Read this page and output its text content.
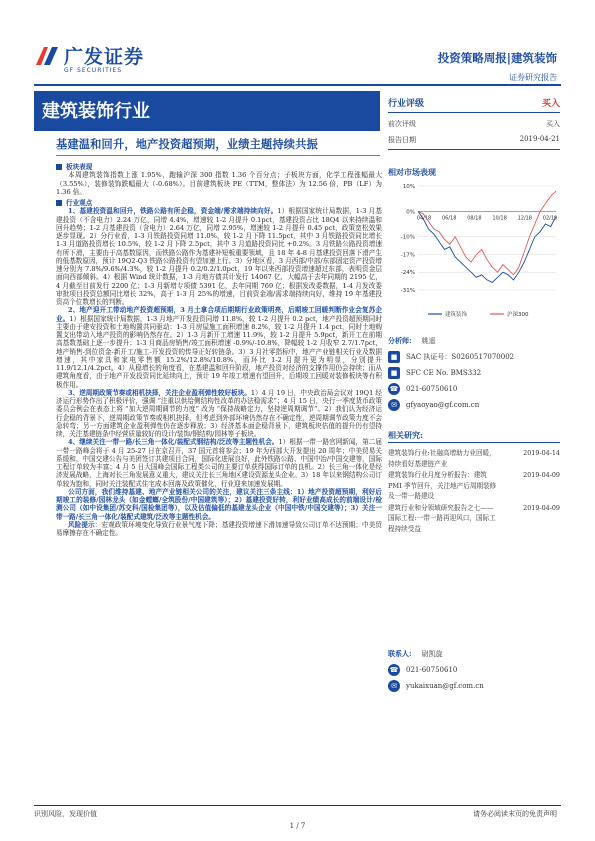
广发证券
GF SECURITIES
投资策略周报|建筑装饰
证券研究报告
建筑装饰行业
基建温和回升，地产投资超预期，业绩主题持续共振
板块表现

本周建筑装饰指数上涨 1.95%，跑输沪深 300 指数 1.36 个百分点；子板块方面，化学工程涨幅最大（3.55%），装修装饰跌幅最大（-0.68%）。目前建筑板块 PE（TTM，整体法）为 12.56 倍，PB（LF）为 1.36 倍。

行业观点

1、基建投资温和回升，铁路公路有所企稳，资金端/需求端持续向好。1）根据国家统计局数据，1-3 月基建投资（不含电力）2.24 万亿，同增 4.4%，增速较 1-2 月提升 0.1pct，基建投资占比 18Q4 以来持续温和回升趋势；1-2 月基建投资（含电力）2.64 万亿，同增 2.95%，增速较 1-2 月提升 0.45 pct，政策宽松效果逐步显现。2）分行业看，1-3 月铁路投资同增 11.0%，较 1-2 月下降 11.5pct，其中 3 月铁路投资同比增长 1-3 月道路投资增长 10.5%，较 1-2 月下降 2.5pct，其中 3 月道路投资同比 +0.2%。3 月铁路公路投资增速有所下滑，主要由于高基数原因，而铁路公路作为基建补短板重要领域，且 18 年 4-8 月基建投资回落下滑产生的低基数原因，预计 19Q2-Q3 铁路公路投资有望加速上行。3）分地区看，3 月西部/中部/东部固定资产投资增速分别为 7.8%/9.6%/4.3%，较 1-2 月提升 0.2/0.2/1.0pct，19 年以来西部投资增速超过东部，表明资金层面向西部倾斜。4）根据 Wind 统计数据，1-3 月地方债共计发行 14067 亿，大幅高于去年同期的 2195 亿，4 月截至目前发行 2200 亿；1-3 月新增专项债 5391 亿，去年同期 769 亿；根据发改委数据，1-4 月发改委审批项目投资总额同比增长 32%，高于 1-3 月 25%的增速，目前资金端/需求端持续向好，维持 19 年基建投资高个位数增长的判断。

2、地产迎开工带动地产投资超预期，3 月土拿合项后期期行业政策明亮，后期竣工回暖判断作业会复苏企业。1）根据国家统计局数据，1-3 月地产开发投资同增 11.8%，较 1-2 月提升 0.2 pct，地产投资超预期同时主要由于建安投资和土地购置共同驱动：1-3 月房屋施工面积增速 8.2%，较 1-2 月提升 1.4 pct，同时土地购置支出带动入地产投资的影响仍然存在。2）1-3 月新开工增速 11.9%，较 1-2 月提升 5.9pct，新开工在前期高基数基础上逐一步提升；1-3 月商品房销售/竣工面积增速 -0.9%/-10.8%，降幅较 1-2 月收窄 2.7/1.7pct，地产销售-到位资金-新开工/施工-开发投资的传导正好转链条。3）3 月社零指标中，地产产业链相关行业及数据增速，其中家具和家电零售额 15.2%/12.8%/10.8%，而环比 1-2 月提升更为明显，分别提升 11.9/12.1/4.2pct。4）从稳增长的角度看，在基建温和回升阶段，地产投资对经济的支撑作用仍会持续；而从建筑角度看，由于地产开发投资同比延续向上，预计 19 年竣工增速有望回升，后期竣工回暖对装修板块等有积极作用。

3、逆周期政策节奏或相机抉择，关注企业盈利弹性较好板块。1）4 月 19 日，中央政治局会议对 19Q1 经济运行形势作出了积极评价，强调 “注重以供给侧结构性改革的办法稳需求”；4 月 15 日，央行一季度货币政策委员会例会在表态上将 “加大逆周期调节的力度” 改为 “保持战略定力，坚持逆周期调节”。2）我们认为经济运行企稳的背景下，逆周期政策节奏或相机抉择，但考虑到外部环境仍然存在不确定性，逆周期调节政策力度不会急转弯；另一方面建筑企业盈利弹性仍在逐步释放；3）经济基本面企稳背景下，建筑板块估值的提升仍有望持续，关注基建链条中经营质量较好的设计/装饰/钢结构/园林等子板块。

4、继续关注一带一路/长三角一体化/装配式钢结构/泛改等主题性机会。1）根据一带一路官网新闻，第二届一带一路峰会将于 4 月 25-27 日在京召开，37 国元首将参会；19 年为西部大开发提出 20 周年；中美贸易关系缓和，中国交建公告与美团签订共建项目合同，国际化进展良好，此外铁路公路、中国中冶/中国交建等，国际工程订单较为丰富；4 月 5 日大国峰会国际工程类公司的主要订单获得国际订单的良机。2）长三角一体化是经济发展战略，上海对长三角发展意义重大，建议关注长三角地区建设资源龙头企业。3）18 年以来钢结构公司订单较为饱和，同时关注装配式住宅成本回落及政策催化，行业迎来加速发展期。

公司方面，我们维持基建、地产产业链相关公司的关注，建议关注三条主线：1）地产投资超预期，利好后期竣工的装修/园林龙头（如金螳螂/全筑股份/中国建筑等）；2）基建投资好转，利好业绩高成长的前端设计/检测公司（如中设集团/苏交科/国检集团等），以及估值偏低的基建龙头企业（中国中铁/中国交建等）；3）关注一带一路/长三角一体化/装配式建筑/泛改等主题性机会。

风险提示：宏观政策环境变化导致行业景气度下降；基建投资增速下滑加速导致公司订单不达预期；中美贸易摩擦存在不确定性。

行业评级	买入
前次评级	买入
报告日期	2019-04-21
相对市场表现
10%
0%
-10%
-17%
-24%
-31%
04/18 06/18 08/18 10/18 12/18 02/19
建筑装饰	沪深300
分析师: 姚遥
■	SAC 执证号：S0260517070002
■	SFC CE No. BMS332
☎ 021-60750610
✉	gfyaoyao@gf.com.cn
相关研究:
建筑装饰行业:社融高增助力业回暖，持续看好基建链产业
2019-04-14
建筑装饰行业月度分析报告：建筑 PMI 季节回升，关注地产后周期装修及一带一路建设
2019-04-09
建筑行业和分领域研究报告之七——国际工程:一带一路再迎风口，国际工程持续受益
2019-04-09
联系人: 尉凯旋
☎ 021-60750610
✉	yukaixuan@gf.com.cn
识别风险，发现价值	请务必阅读末页的免责声明
1 / 7
